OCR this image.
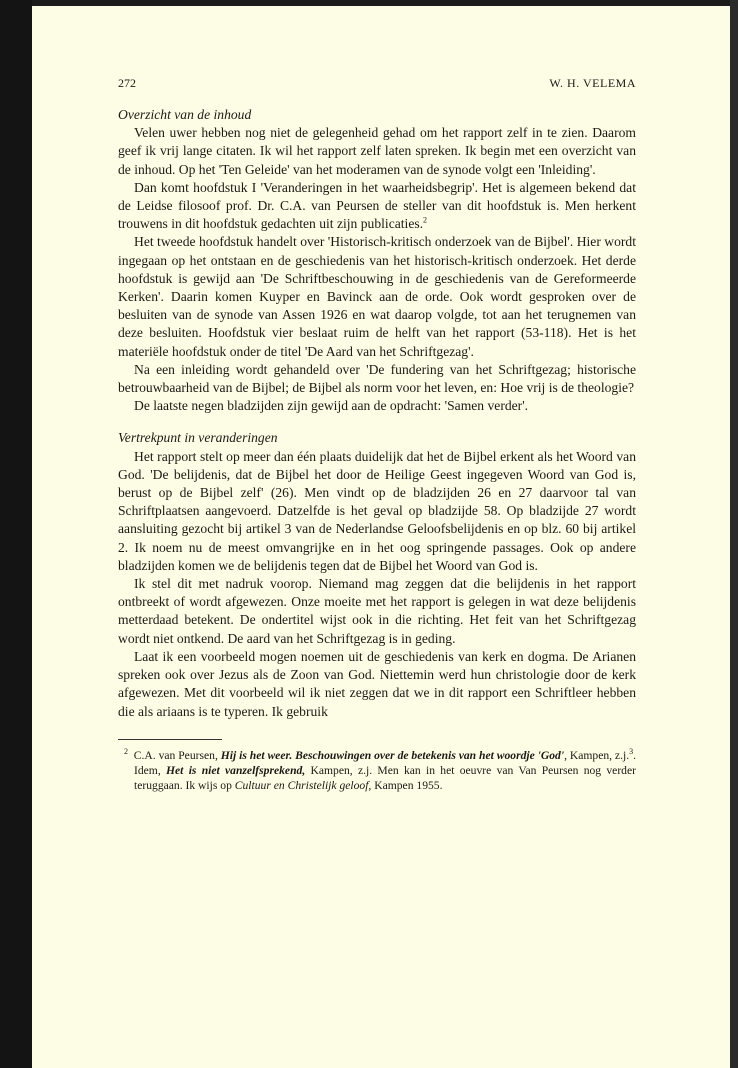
272	W. H. VELEMA

Overzicht van de inhoud

Velen uwer hebben nog niet de gelegenheid gehad om het rapport zelf in te zien. Daarom geef ik vrij lange citaten. Ik wil het rapport zelf laten spreken. Ik begin met een overzicht van de inhoud. Op het 'Ten Geleide' van het moderamen van de synode volgt een 'Inleiding'.

Dan komt hoofdstuk I 'Veranderingen in het waarheidsbegrip'. Het is algemeen bekend dat de Leidse filosoof prof. Dr. C.A. van Peursen de steller van dit hoofdstuk is. Men herkent trouwens in dit hoofdstuk gedachten uit zijn publicaties.$^2$

Het tweede hoofdstuk handelt over 'Historisch-kritisch onderzoek van de Bijbel'. Hier wordt ingegaan op het ontstaan en de geschiedenis van het historisch-kritisch onderzoek. Het derde hoofdstuk is gewijd aan 'De Schriftbeschouwing in de geschiedenis van de Gereformeerde Kerken'. Daarin komen Kuyper en Bavinck aan de orde. Ook wordt gesproken over de besluiten van de synode van Assen 1926 en wat daarop volgde, tot aan het terugnemen van deze besluiten. Hoofdstuk vier beslaat ruim de helft van het rapport (53-118). Het is het materiële hoofdstuk onder de titel 'De Aard van het Schriftgezag'.

Na een inleiding wordt gehandeld over 'De fundering van het Schriftgezag; historische betrouwbaarheid van de Bijbel; de Bijbel als norm voor het leven, en: Hoe vrij is de theologie?

De laatste negen bladzijden zijn gewijd aan de opdracht: 'Samen verder'.

Vertrekpunt in veranderingen

Het rapport stelt op meer dan één plaats duidelijk dat het de Bijbel erkent als het Woord van God. 'De belijdenis, dat de Bijbel het door de Heilige Geest ingegeven Woord van God is, berust op de Bijbel zelf' (26). Men vindt op de bladzijden 26 en 27 daarvoor tal van Schriftplaatsen aangevoerd. Datzelfde is het geval op bladzijde 58. Op bladzijde 27 wordt aansluiting gezocht bij artikel 3 van de Nederlandse Geloofsbelijdenis en op blz. 60 bij artikel 2. Ik noem nu de meest omvangrijke en in het oog springende passages. Ook op andere bladzijden komen we de belijdenis tegen dat de Bijbel het Woord van God is.

Ik stel dit met nadruk voorop. Niemand mag zeggen dat die belijdenis in het rapport ontbreekt of wordt afgewezen. Onze moeite met het rapport is gelegen in wat deze belijdenis metterdaad betekent. De ondertitel wijst ook in die richting. Het feit van het Schriftgezag wordt niet ontkend. De aard van het Schriftgezag is in geding.

Laat ik een voorbeeld mogen noemen uit de geschiedenis van kerk en dogma. De Arianen spreken ook over Jezus als de Zoon van God. Niettemin werd hun christologie door de kerk afgewezen. Met dit voorbeeld wil ik niet zeggen dat we in dit rapport een Schriftleer hebben die als ariaans is te typeren. Ik gebruik

$^2$ C.A. van Peursen, Hij is het weer. Beschouwingen over de betekenis van het woordje 'God', Kampen, z.j.$^3$. Idem, Het is niet vanzelfsprekend, Kampen, z.j. Men kan in het oeuvre van Van Peursen nog verder teruggaan. Ik wijs op Cultuur en Christelijk geloof, Kampen 1955.
